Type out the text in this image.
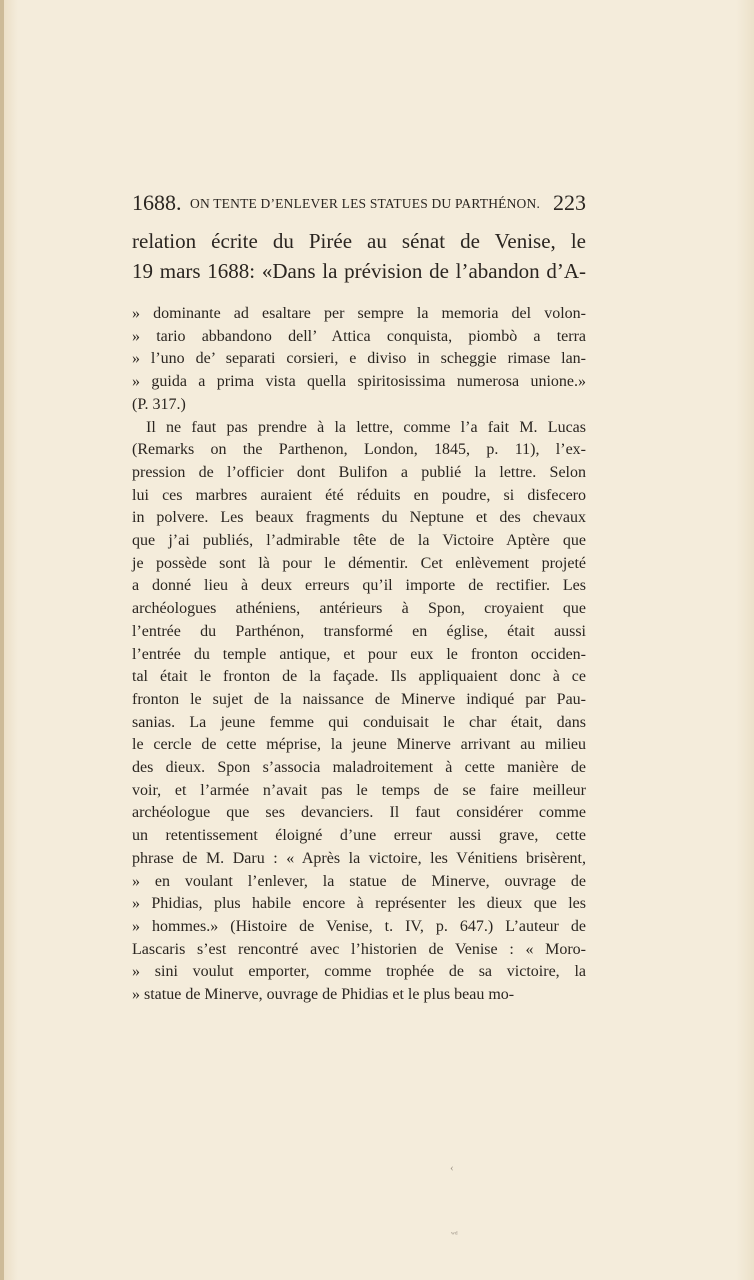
1688. ON TENTE D’ENLEVER LES STATUES DU PARTHÉNON. 223
relation écrite du Pirée au sénat de Venise, le
19 mars 1688: «Dans la prévision de l’abandon d’A-
» dominante ad esaltare per sempre la memoria del volon-
» tario abbandono dell’ Attica conquista, piombò a terra
» l’uno de’ separati corsieri, e diviso in scheggie rimase lan-
» guida a prima vista quella spiritosissima numerosa unione.»
(P. 317.)
Il ne faut pas prendre à la lettre, comme l’a fait M. Lucas
(Remarks on the Parthenon, London, 1845, p. 11), l’ex-
pression de l’officier dont Bulifon a publié la lettre. Selon
lui ces marbres auraient été réduits en poudre, si disfecero
in polvere. Les beaux fragments du Neptune et des chevaux
que j’ai publiés, l’admirable tête de la Victoire Aptère que
je possède sont là pour le démentir. Cet enlèvement projeté
a donné lieu à deux erreurs qu’il importe de rectifier. Les
archéologues athéniens, antérieurs à Spon, croyaient que
l’entrée du Parthénon, transformé en église, était aussi
l’entrée du temple antique, et pour eux le fronton occiden-
tal était le fronton de la façade. Ils appliquaient donc à ce
fronton le sujet de la naissance de Minerve indiqué par Pau-
sanias. La jeune femme qui conduisait le char était, dans
le cercle de cette méprise, la jeune Minerve arrivant au milieu
des dieux. Spon s’associa maladroitement à cette manière de
voir, et l’armée n’avait pas le temps de se faire meilleur
archéologue que ses devanciers. Il faut considérer comme
un retentissement éloigné d’une erreur aussi grave, cette
phrase de M. Daru : « Après la victoire, les Vénitiens brisèrent,
» en voulant l’enlever, la statue de Minerve, ouvrage de
» Phidias, plus habile encore à représenter les dieux que les
» hommes.» (Histoire de Venise, t. IV, p. 647.) L’auteur de
Lascaris s’est rencontré avec l’historien de Venise : « Moro-
» sini voulut emporter, comme trophée de sa victoire, la
» statue de Minerve, ouvrage de Phidias et le plus beau mo-
‹
ʷᵈ
